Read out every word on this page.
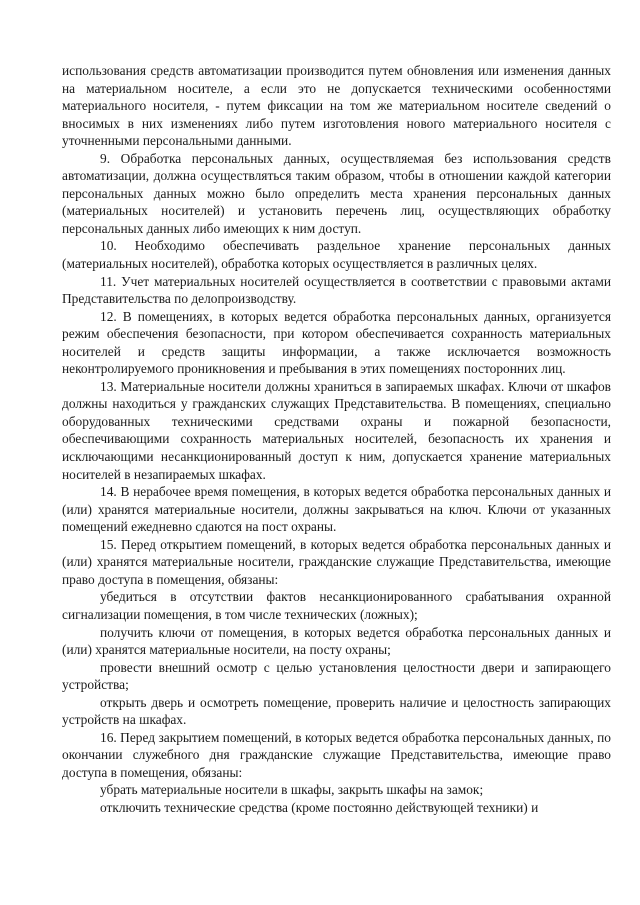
использования средств автоматизации производится путем обновления или изменения данных на материальном носителе, а если это не допускается техническими особенностями материального носителя, - путем фиксации на том же материальном носителе сведений о вносимых в них изменениях либо путем изготовления нового материального носителя с уточненными персональными данными.

9. Обработка персональных данных, осуществляемая без использования средств автоматизации, должна осуществляться таким образом, чтобы в отношении каждой категории персональных данных можно было определить места хранения персональных данных (материальных носителей) и установить перечень лиц, осуществляющих обработку персональных данных либо имеющих к ним доступ.

10. Необходимо обеспечивать раздельное хранение персональных данных (материальных носителей), обработка которых осуществляется в различных целях.

11. Учет материальных носителей осуществляется в соответствии с правовыми актами Представительства по делопроизводству.

12. В помещениях, в которых ведется обработка персональных данных, организуется режим обеспечения безопасности, при котором обеспечивается сохранность материальных носителей и средств защиты информации, а также исключается возможность неконтролируемого проникновения и пребывания в этих помещениях посторонних лиц.

13. Материальные носители должны храниться в запираемых шкафах. Ключи от шкафов должны находиться у гражданских служащих Представительства. В помещениях, специально оборудованных техническими средствами охраны и пожарной безопасности, обеспечивающими сохранность материальных носителей, безопасность их хранения и исключающими несанкционированный доступ к ним, допускается хранение материальных носителей в незапираемых шкафах.

14. В нерабочее время помещения, в которых ведется обработка персональных данных и (или) хранятся материальные носители, должны закрываться на ключ. Ключи от указанных помещений ежедневно сдаются на пост охраны.

15. Перед открытием помещений, в которых ведется обработка персональных данных и (или) хранятся материальные носители, гражданские служащие Представительства, имеющие право доступа в помещения, обязаны:

убедиться в отсутствии фактов несанкционированного срабатывания охранной сигнализации помещения, в том числе технических (ложных);

получить ключи от помещения, в которых ведется обработка персональных данных и (или) хранятся материальные носители, на посту охраны;

провести внешний осмотр с целью установления целостности двери и запирающего устройства;

открыть дверь и осмотреть помещение, проверить наличие и целостность запирающих устройств на шкафах.

16. Перед закрытием помещений, в которых ведется обработка персональных данных, по окончании служебного дня гражданские служащие Представительства, имеющие право доступа в помещения, обязаны:

убрать материальные носители в шкафы, закрыть шкафы на замок;

отключить технические средства (кроме постоянно действующей техники) и
